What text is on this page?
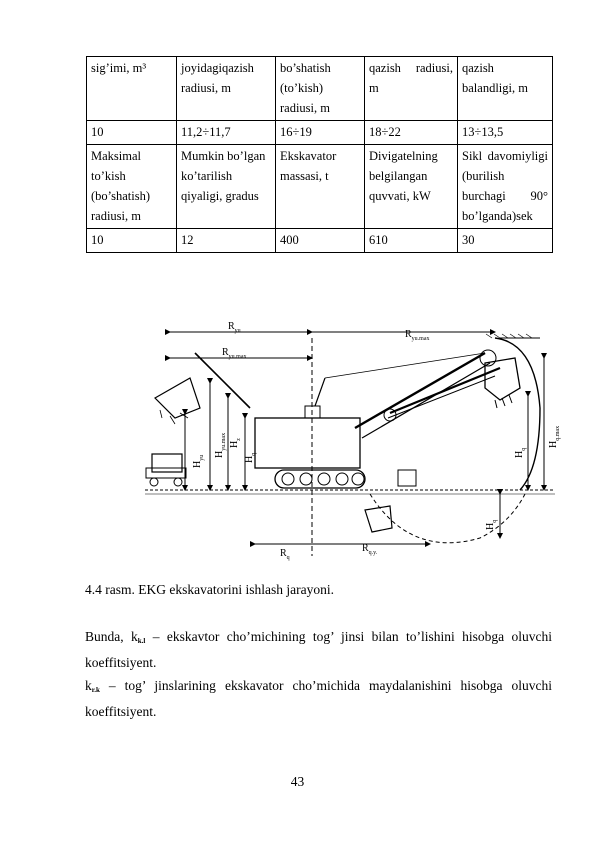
sig’imi, m³	joyidagiqazish radiusi, m	bo’shatish (to’kish) radiusi, m	qazish radiusi, m	qazish balandligi, m
10	11,2÷11,7	16÷19	18÷22	13÷13,5
Maksimal to’kish (bo’shatish) radiusi, m	Mumkin bo’lgan ko’tarilish qiyaligi, gradus	Ekskavator massasi, t	Divigatelning belgilangan quvvati, kW	Sikl davomiyligi (burilish burchagi 90° bo’lganda)sek
10	12	400	610	30
$R_{yu}$	$R_{yu.max}$
$R_{yu.max}$
$R_q$
$R_{q.y.}$
$H_{yu}$ $H_{yu.max}$ $H_z$
$H_q$	$H_q$
$H_{q.max}$
$H_q$
4.4 rasm. EKG ekskavatorini ishlash jarayoni.
Bunda, $k_{k.l}$ – ekskavtor cho’michining tog’ jinsi bilan to’lishini hisobga oluvchi koeffitsiyent.
$k_{r.k}$ – tog’ jinslarining ekskavator cho’michida maydalanishini hisobga oluvchi koeffitsiyent.
43
